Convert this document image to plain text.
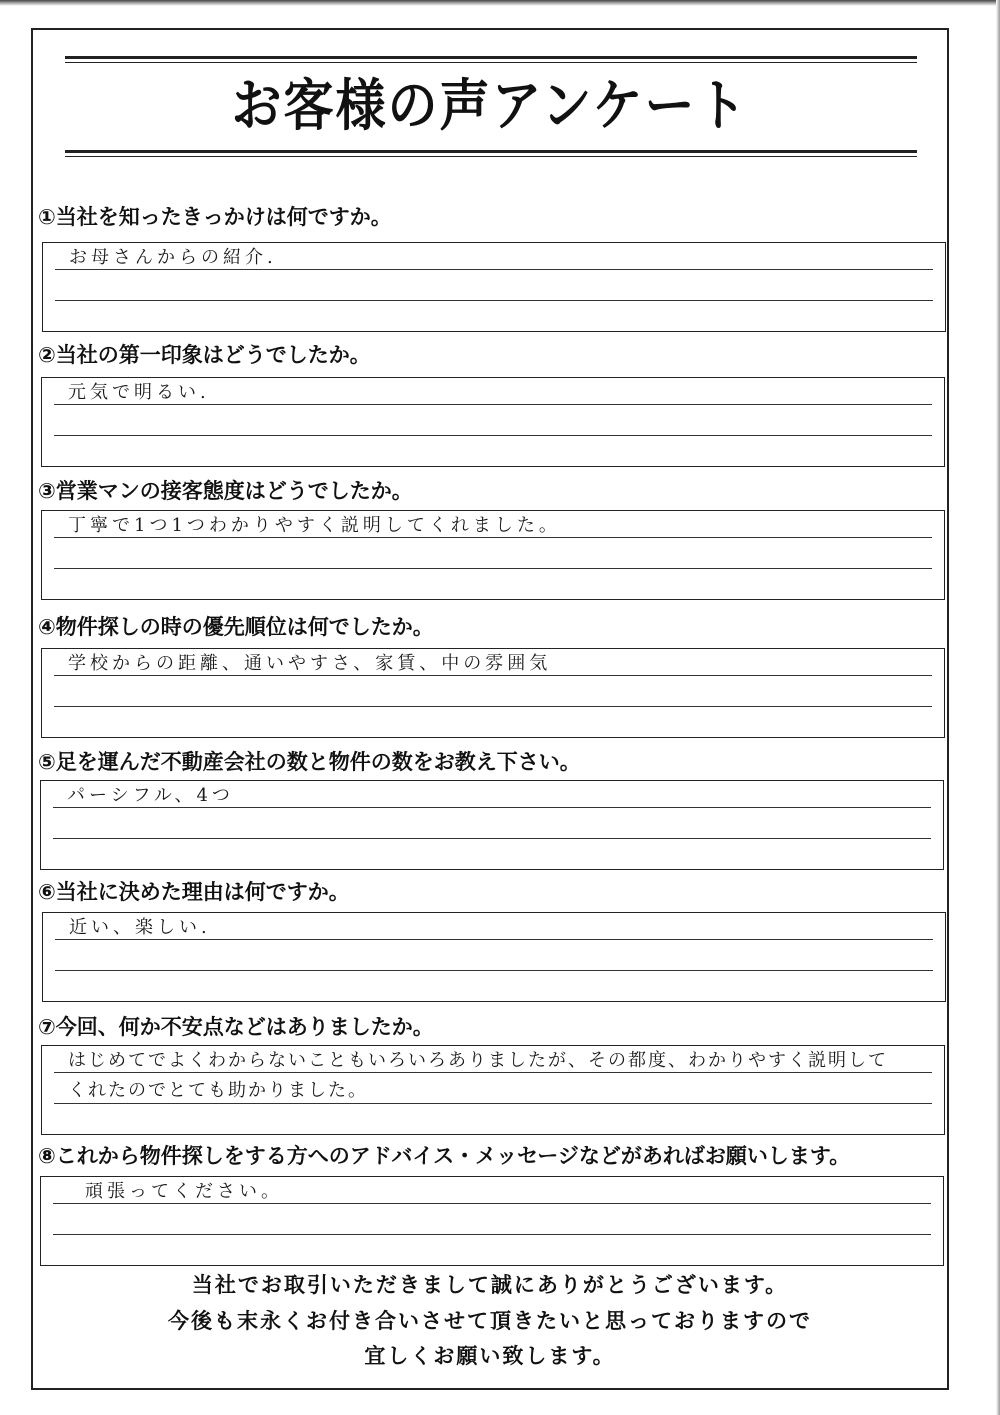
お客様の声アンケート
①当社を知ったきっかけは何ですか。
お母さんからの紹介.
②当社の第一印象はどうでしたか。
元気で明るい.
③営業マンの接客態度はどうでしたか。
丁寧で1つ1つわかりやすく説明してくれました。
④物件探しの時の優先順位は何でしたか。
学校からの距離、通いやすさ、家賃、中の雰囲気
⑤足を運んだ不動産会社の数と物件の数をお教え下さい。
パーシフル、4つ
⑥当社に決めた理由は何ですか。
近い、楽しい.
⑦今回、何か不安点などはありましたか。
はじめてでよくわからないこともいろいろありましたが、その都度、わかりやすく説明して
くれたのでとても助かりました。
⑧これから物件探しをする方へのアドバイス・メッセージなどがあればお願いします。
頑張ってください。
当社でお取引いただきまして誠にありがとうございます。
今後も末永くお付き合いさせて頂きたいと思っておりますので
宜しくお願い致します。
